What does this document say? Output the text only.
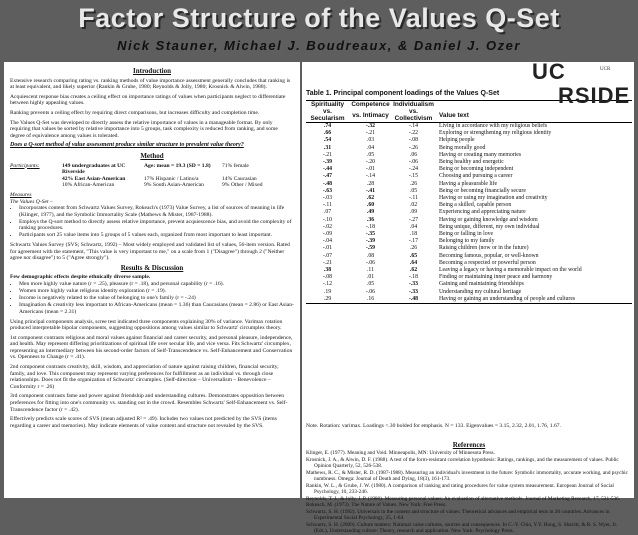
Factor Structure of the Values Q-Set
Nick Stauner, Michael J. Boudreaux, & Daniel J. Ozer
Introduction
Extensive research comparing rating vs. ranking methods of value importance assessment generally concludes that ranking is at least equivalent, and likely superior (Rankin & Grube, 1980; Reynolds & Jolly, 1980; Krosnick & Alwin, 1988).
Acquiescent response bias creates a ceiling effect on importance ratings of values when participants neglect to differentiate between highly appealing values.
Ranking prevents a ceiling effect by requiring direct comparisons, but increases difficulty and completion time.
The Values Q-Set was developed to directly assess the relative importance of values in a manageable format. By only requiring that values be sorted by relative importance into 5 groups, task complexity is reduced from ranking, and some degree of equivalence among values is tolerated.
Does a Q-sort method of value assessment produce similar structure to prevalent value theory?
Method
Participants:	149 undergraduates at UC Riverside
Age: mean = 19.3 (SD = 1.8)	71% female
42% East Asian-American	17% Hispanic / Latino/a	14% Caucasian
10% African-American	9% South Asian-American	9% Other / Mixed
Measures
The Values Q-Set –
• Incorporates content from Schwartz Values Survey, Rokeach's (1973) Value Survey, a list of sources of meaning in life (Klinger, 1977), and the Symbolic Immortality Scale (Mathews & Mister, 1987-1988).
• Employs the Q-sort method to directly assess relative importance, prevent acquiescence bias, and avoid the complexity of ranking procedures.
• Participants sort 25 value items into 5 groups of 5 values each, organized from most important to least important.
Schwartz Values Survey (SVS; Schwartz, 1992) – Most widely employed and validated list of values, 56-item version. Rated for agreement with the statement, "This value is very important to me," on a scale from 1 ("Disagree") through 2 ("Neither agree nor disagree") to 5 ("Agree strongly").
Results & Discussion
Few demographic effects despite ethnically diverse sample.
• Men more highly value nature (r = .25), pleasure (r = .18), and personal capability (r = .16).
• Women more highly value religious identity exploration (r = .19).
• Income is negatively related to the value of belonging to one's family (r = -.24)
• Imagination & creativity less important to African-Americans (mean = 1.36) than Caucasians (mean = 2.86) or East Asian-Americans (mean = 2.31)
Using principal components analysis, scree test indicated three components explaining 30% of variance. Varimax rotation produced interpretable bipolar components, suggesting oppositions among values similar to Schwartz' circumplex theory.
1st component contrasts religious and moral values against financial and career security, and personal pleasure, independence, and health. May represent differing prioritizations of spiritual life over secular life, and vice versa. Fits Schwartz' circumplex, representing an intermediary between his second-order factors of Self-Transcendence vs. Self-Enhancement and Conservation vs. Openness to Change (r = .41).
2nd component contrasts creativity, skill, wisdom, and appreciation of nature against raising children, financial security, family, and love. This component may represent varying preferences for fulfillment as an individual vs. through close relationships. Does not fit the organization of Schwartz' circumplex. (Self-direction – Universalism – Benevolence – Conformity r = .26)
3rd component contrasts fame and power against friendship and understanding cultures. Demonstrates opposition between preferences for fitting into one's community vs. standing out in the crowd. Resembles Schwartz' Self-Enhancement vs. Self-Transcendence factor (r = .42).
Effectively predicts scale scores of SVS (mean adjusted R² = .49). Includes two values not predicted by the SVS (items regarding a career and memories). May indicate elements of value content and structure not revealed by the SVS.
Table 1. Principal component loadings of the Values Q-Set
Spirituality	Competence	Individualism	
vs. Secularism	vs. Intimacy	vs. Collectivism	Value text
.74	-.32	-.14	Living in accordance with my religious beliefs
.66	-.21	-.22	Exploring or strengthening my religious identity
.54	.03	-.08	Helping people
.31	.04	-.26	Being morally good
-.21	.05	.06	Having or creating many memories
-.39	-.20	-.06	Being healthy and energetic
-.44	-.01	-.24	Being or becoming independent
-.47	-.14	-.15	Choosing and pursuing a career
-.48	.28	.26	Having a pleasurable life
-.63	-.41	.05	Being or becoming financially secure
-.03	.62	-.11	Having or using my imagination and creativity
-.11	.60	.02	Being a skilled, capable person
.07	.49	.09	Experiencing and appreciating nature
-.10	.36	-.27	Having or gaining knowledge and wisdom
-.02	-.18	.04	Being unique, different, my own individual
-.09	-.35	.18	Being or falling in love
-.04	-.39	-.17	Belonging to my family
-.01	-.59	.26	Raising children (now or in the future)
-.07	.08	.65	Becoming famous, popular, or well-known
-.21	-.06	.64	Becoming a respected or powerful person
.38	.11	.62	Leaving a legacy or having a memorable impact on the world
-.08	.01	-.18	Finding or maintaining inner peace and harmony
-.12	.05	-.33	Gaining and maintaining friendships
.19	-.06	-.33	Understanding my cultural heritage
.29	.16	-.48	Having or gaining an understanding of people and cultures
Note. Rotation: varimax. Loadings <.30 bolded for emphasis. N = 133. Eigenvalues = 3.15, 2.32, 2.01, 1.76, 1.67.
References
Klinger, E. (1977). Meaning and Void. Minneapolis, MN: University of Minnesota Press.
Krosnick, J. A., & Alwin, D. F. (1988). A test of the form-resistant correlation hypothesis: Ratings, rankings, and the measurement of values. Public Opinion Quarterly, 52, 526-538.
Mathews, R. C., & Mister, R. D. (1987-1988). Measuring an individual's investment in the future: Symbolic immortality, accurate working, and psychic numbness. Omega: Journal of Death and Dying, 18(3), 161-173.
Rankin, W. L., & Grube, J. W. (1980). A comparison of ranking and rating procedures for value system measurement. European Journal of Social Psychology, 10, 233-246.
Reynolds, T. J., & Jolly, J. P. (1980). Measuring personal values: An evaluation of alternative methods. Journal of Marketing Research, 17, 531-536.
Rokeach, M. (1973). The Nature of Values. New York: Free Press.
Schwartz, S. H. (1992). Universals in the content and structure of values: Theoretical advances and empirical tests in 20 countries. Advances in Experimental Social Psychology, 25, 1-64.
Schwartz, S. H. (2009). Culture matters: National value cultures, sources and consequences. In C.-Y. Chiu, Y.Y. Hong, S. Shavitt, & R. S. Wyer, Jr. (Eds.), Understanding culture: Theory, research and application. New York: Psychology Press.
UC	UCR
RSIDE
